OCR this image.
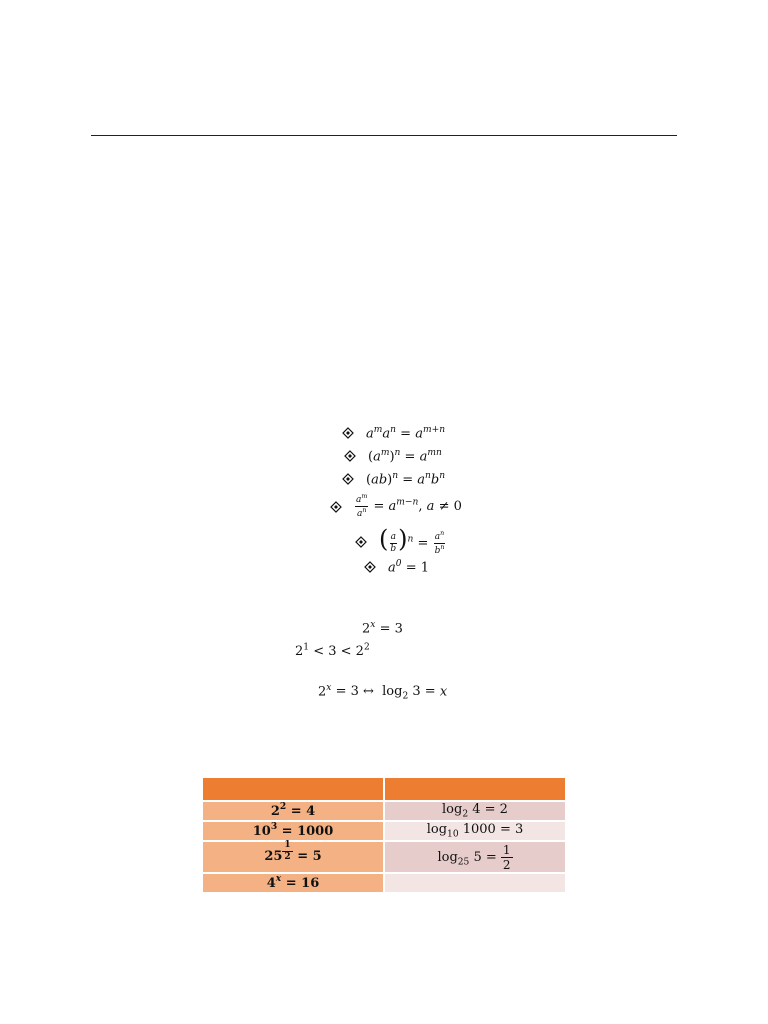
$a^ma^n = a^{m+n}$
$(a^m)^n = a^{mn}$
$(ab)^n = a^nb^n$
$\frac{a^m}{a^n} = a^{m-n}$, a ≠ 0
( $\frac{a}{b} )^n = \frac{a^n}{b^n}$
$a^0 = 1$
$2^x = 3$
$2^1 < 3 < 2^2$
$2^x = 3$ ↔  $\log_2 3 = x$

$2^2 = 4$	$\log_2 4 = 2$
$10^3 = 1000$	$\log_{10} 1000 = 3$
25 $^{\frac{1}{2}}$ = 5	$\log_{25} 5 = \frac{1}{2}$

$4^x = 16$	
